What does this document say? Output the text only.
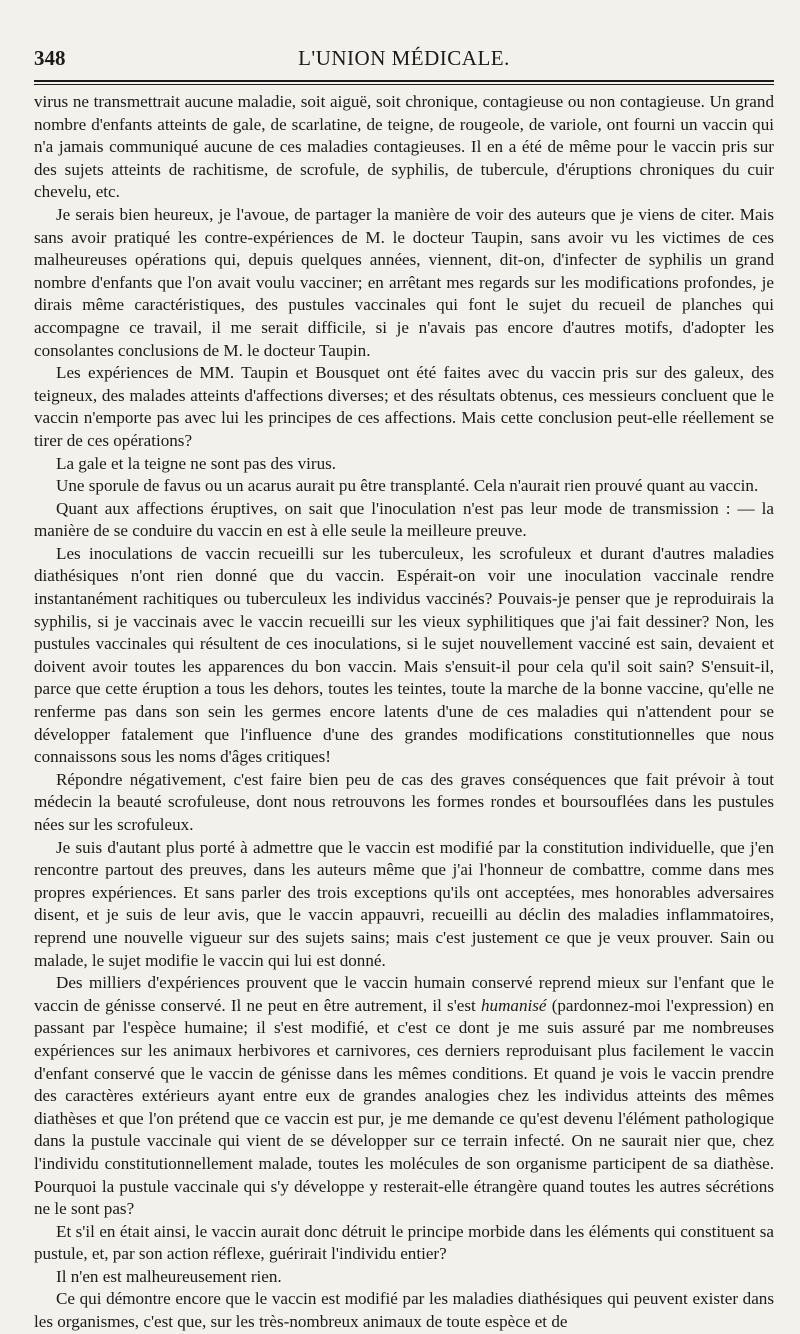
348	L'UNION MÉDICALE.

virus ne transmettrait aucune maladie, soit aiguë, soit chronique, contagieuse ou non contagieuse. Un grand nombre d'enfants atteints de gale, de scarlatine, de teigne, de rougeole, de variole, ont fourni un vaccin qui n'a jamais communiqué aucune de ces maladies contagieuses. Il en a été de même pour le vaccin pris sur des sujets atteints de rachitisme, de scrofule, de syphilis, de tubercule, d'éruptions chroniques du cuir chevelu, etc.

Je serais bien heureux, je l'avoue, de partager la manière de voir des auteurs que je viens de citer. Mais sans avoir pratiqué les contre-expériences de M. le docteur Taupin, sans avoir vu les victimes de ces malheureuses opérations qui, depuis quelques années, viennent, dit-on, d'infecter de syphilis un grand nombre d'enfants que l'on avait voulu vacciner; en arrêtant mes regards sur les modifications profondes, je dirais même caractéristiques, des pustules vaccinales qui font le sujet du recueil de planches qui accompagne ce travail, il me serait difficile, si je n'avais pas encore d'autres motifs, d'adopter les consolantes conclusions de M. le docteur Taupin.

Les expériences de MM. Taupin et Bousquet ont été faites avec du vaccin pris sur des galeux, des teigneux, des malades atteints d'affections diverses; et des résultats obtenus, ces messieurs concluent que le vaccin n'emporte pas avec lui les principes de ces affections. Mais cette conclusion peut-elle réellement se tirer de ces opérations?

La gale et la teigne ne sont pas des virus.

Une sporule de favus ou un acarus aurait pu être transplanté. Cela n'aurait rien prouvé quant au vaccin.

Quant aux affections éruptives, on sait que l'inoculation n'est pas leur mode de transmission : — la manière de se conduire du vaccin en est à elle seule la meilleure preuve.

Les inoculations de vaccin recueilli sur les tuberculeux, les scrofuleux et durant d'autres maladies diathésiques n'ont rien donné que du vaccin. Espérait-on voir une inoculation vaccinale rendre instantanément rachitiques ou tuberculeux les individus vaccinés? Pouvais-je penser que je reproduirais la syphilis, si je vaccinais avec le vaccin recueilli sur les vieux syphilitiques que j'ai fait dessiner? Non, les pustules vaccinales qui résultent de ces inoculations, si le sujet nouvellement vacciné est sain, devaient et doivent avoir toutes les apparences du bon vaccin. Mais s'ensuit-il pour cela qu'il soit sain? S'ensuit-il, parce que cette éruption a tous les dehors, toutes les teintes, toute la marche de la bonne vaccine, qu'elle ne renferme pas dans son sein les germes encore latents d'une de ces maladies qui n'attendent pour se développer fatalement que l'influence d'une des grandes modifications constitutionnelles que nous connaissons sous les noms d'âges critiques!

Répondre négativement, c'est faire bien peu de cas des graves conséquences que fait prévoir à tout médecin la beauté scrofuleuse, dont nous retrouvons les formes rondes et boursouflées dans les pustules nées sur les scrofuleux.

Je suis d'autant plus porté à admettre que le vaccin est modifié par la constitution individuelle, que j'en rencontre partout des preuves, dans les auteurs même que j'ai l'honneur de combattre, comme dans mes propres expériences. Et sans parler des trois exceptions qu'ils ont acceptées, mes honorables adversaires disent, et je suis de leur avis, que le vaccin appauvri, recueilli au déclin des maladies inflammatoires, reprend une nouvelle vigueur sur des sujets sains; mais c'est justement ce que je veux prouver. Sain ou malade, le sujet modifie le vaccin qui lui est donné.

Des milliers d'expériences prouvent que le vaccin humain conservé reprend mieux sur l'enfant que le vaccin de génisse conservé. Il ne peut en être autrement, il s'est humanisé (pardonnez-moi l'expression) en passant par l'espèce humaine; il s'est modifié, et c'est ce dont je me suis assuré par me nombreuses expériences sur les animaux herbivores et carnivores, ces derniers reproduisant plus facilement le vaccin d'enfant conservé que le vaccin de génisse dans les mêmes conditions. Et quand je vois le vaccin prendre des caractères extérieurs ayant entre eux de grandes analogies chez les individus atteints des mêmes diathèses et que l'on prétend que ce vaccin est pur, je me demande ce qu'est devenu l'élément pathologique dans la pustule vaccinale qui vient de se développer sur ce terrain infecté. On ne saurait nier que, chez l'individu constitutionnellement malade, toutes les molécules de son organisme participent de sa diathèse. Pourquoi la pustule vaccinale qui s'y développe y resterait-elle étrangère quand toutes les autres sécrétions ne le sont pas?

Et s'il en était ainsi, le vaccin aurait donc détruit le principe morbide dans les éléments qui constituent sa pustule, et, par son action réflexe, guérirait l'individu entier?

Il n'en est malheureusement rien.

Ce qui démontre encore que le vaccin est modifié par les maladies diathésiques qui peuvent exister dans les organismes, c'est que, sur les très-nombreux animaux de toute espèce et de
